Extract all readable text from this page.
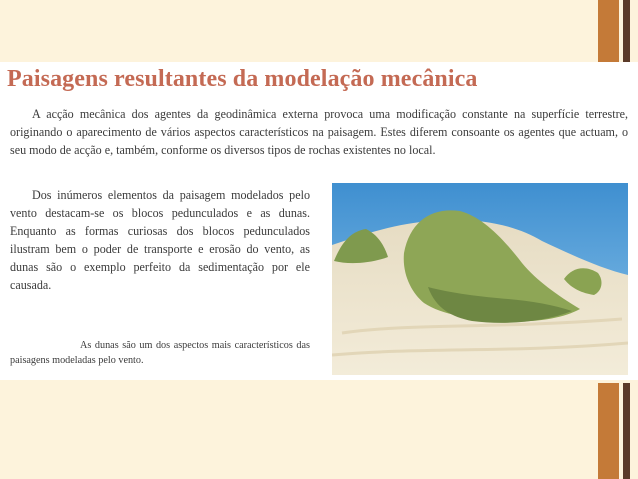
Paisagens resultantes da modelação mecânica

A acção mecânica dos agentes da geodinâmica externa provoca uma modificação constante na superfície terrestre, originando o aparecimento de vários aspectos característicos na paisagem. Estes diferem consoante os agentes que actuam, o seu modo de acção e, também, conforme os diversos tipos de rochas existentes no local.

Dos inúmeros elementos da paisagem modelados pelo vento destacam-se os blocos pedunculados e as dunas. Enquanto as formas curiosas dos blocos pedunculados ilustram bem o poder de transporte e erosão do vento, as dunas são o exemplo perfeito da sedimentação por ele causada.

As dunas são um dos aspectos mais característicos das paisagens modeladas pelo vento.
